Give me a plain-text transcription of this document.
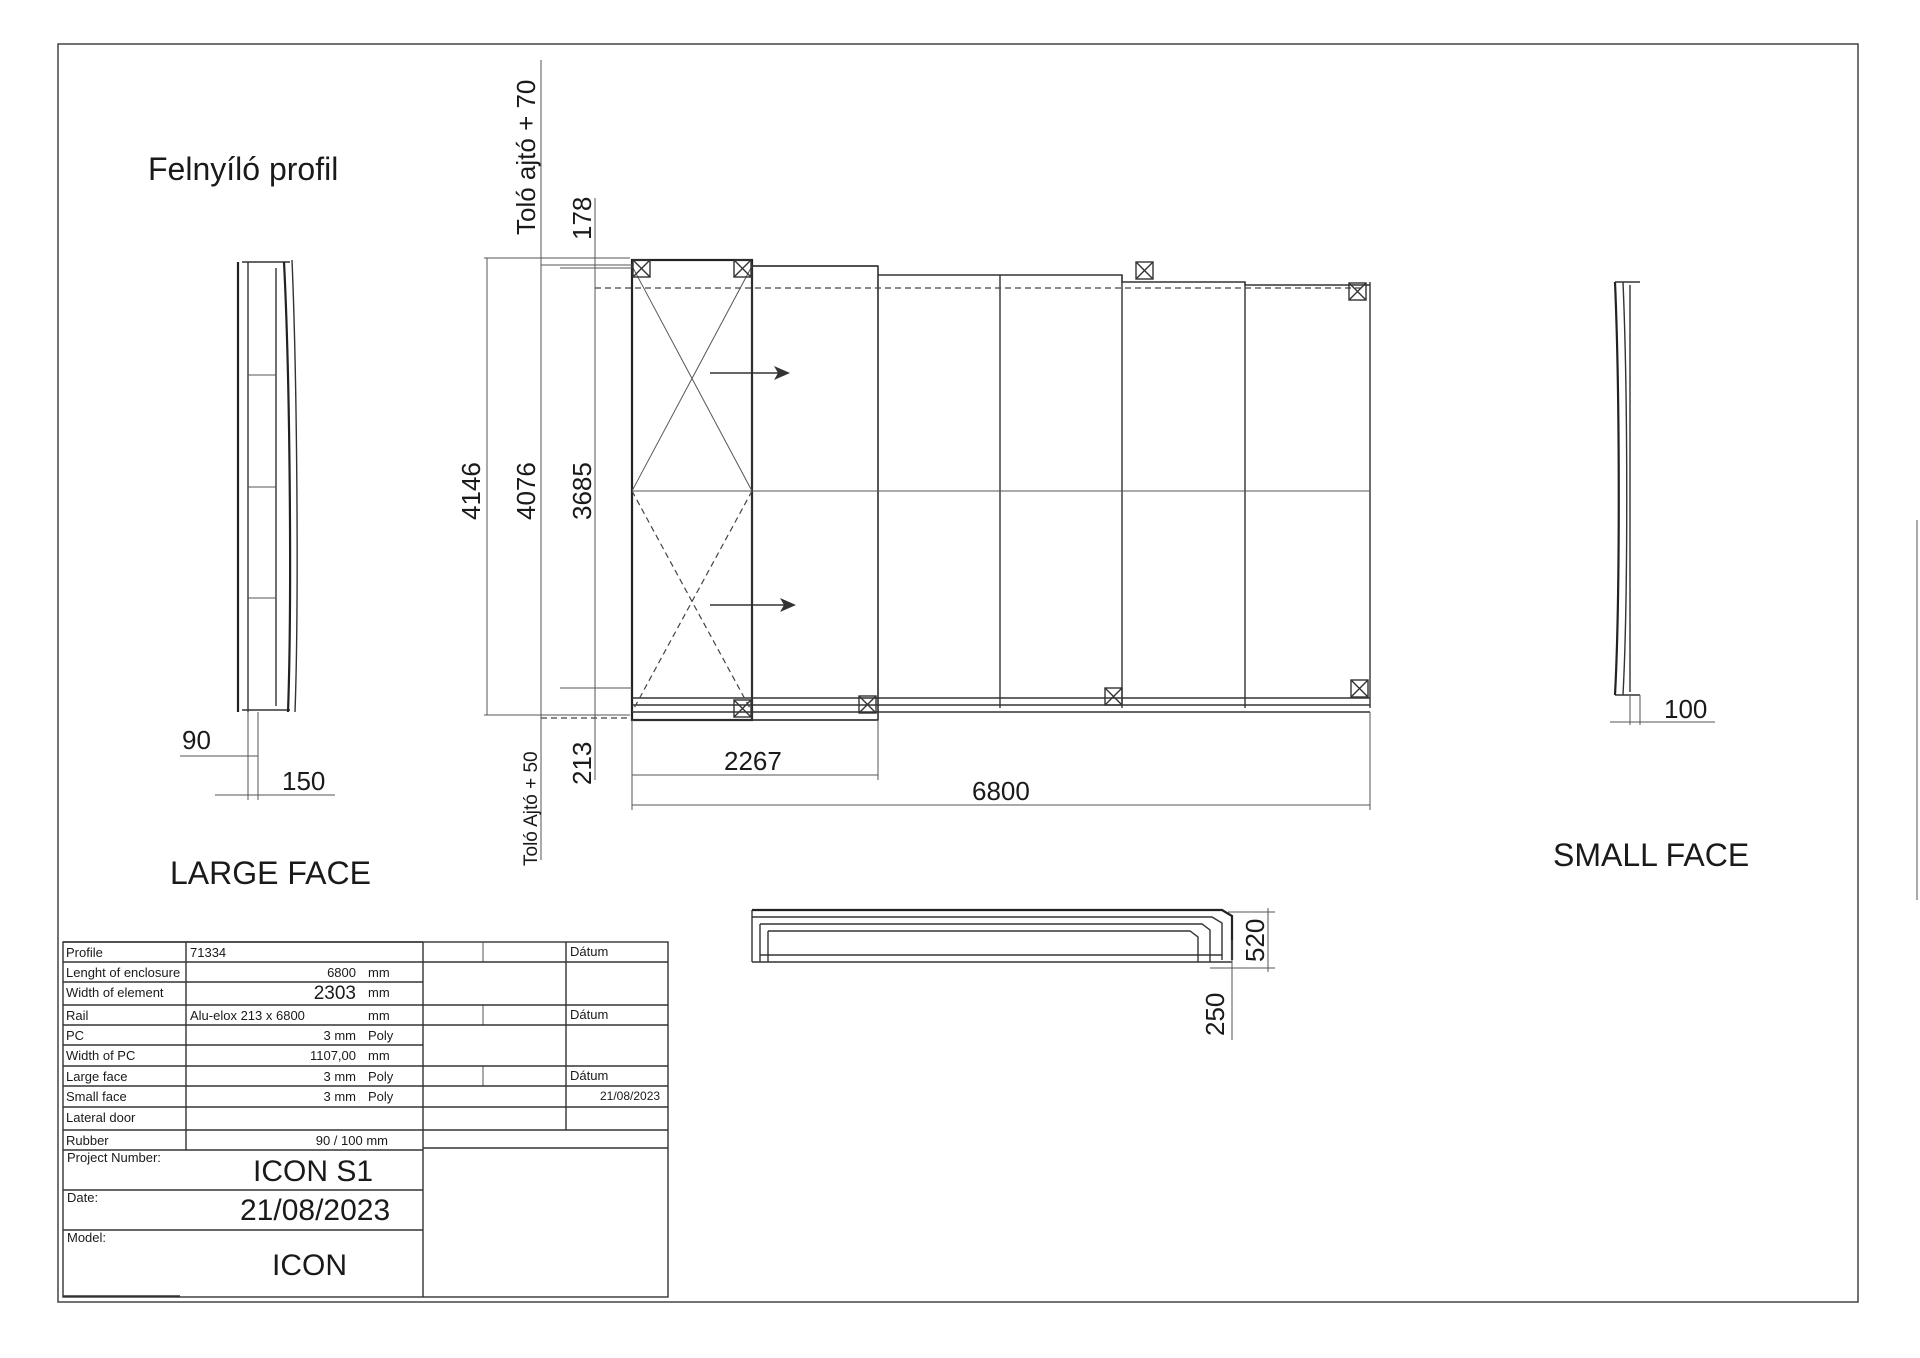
Felnyíló profil
90
150
LARGE FACE
Toló ajtó + 70 178
4146 4076 3685
Toló Ajtó + 50 213	2267
6800
100
SMALL FACE
520
250
Profile	71334
Lenght of enclosure	6800 mm
Width of element	2303 mm
Rail	Alu-elox 213 x 6800	mm
PC	3 mm Poly
Width of PC	1107,00 mm
Large face	3 mm Poly
Small face	3 mm Poly
Lateral door
Rubber	90 / 100 mm
Dátum
Dátum
Dátum
21/08/2023
Project Number:	ICON S1
Date:	21/08/2023
Model:
ICON
